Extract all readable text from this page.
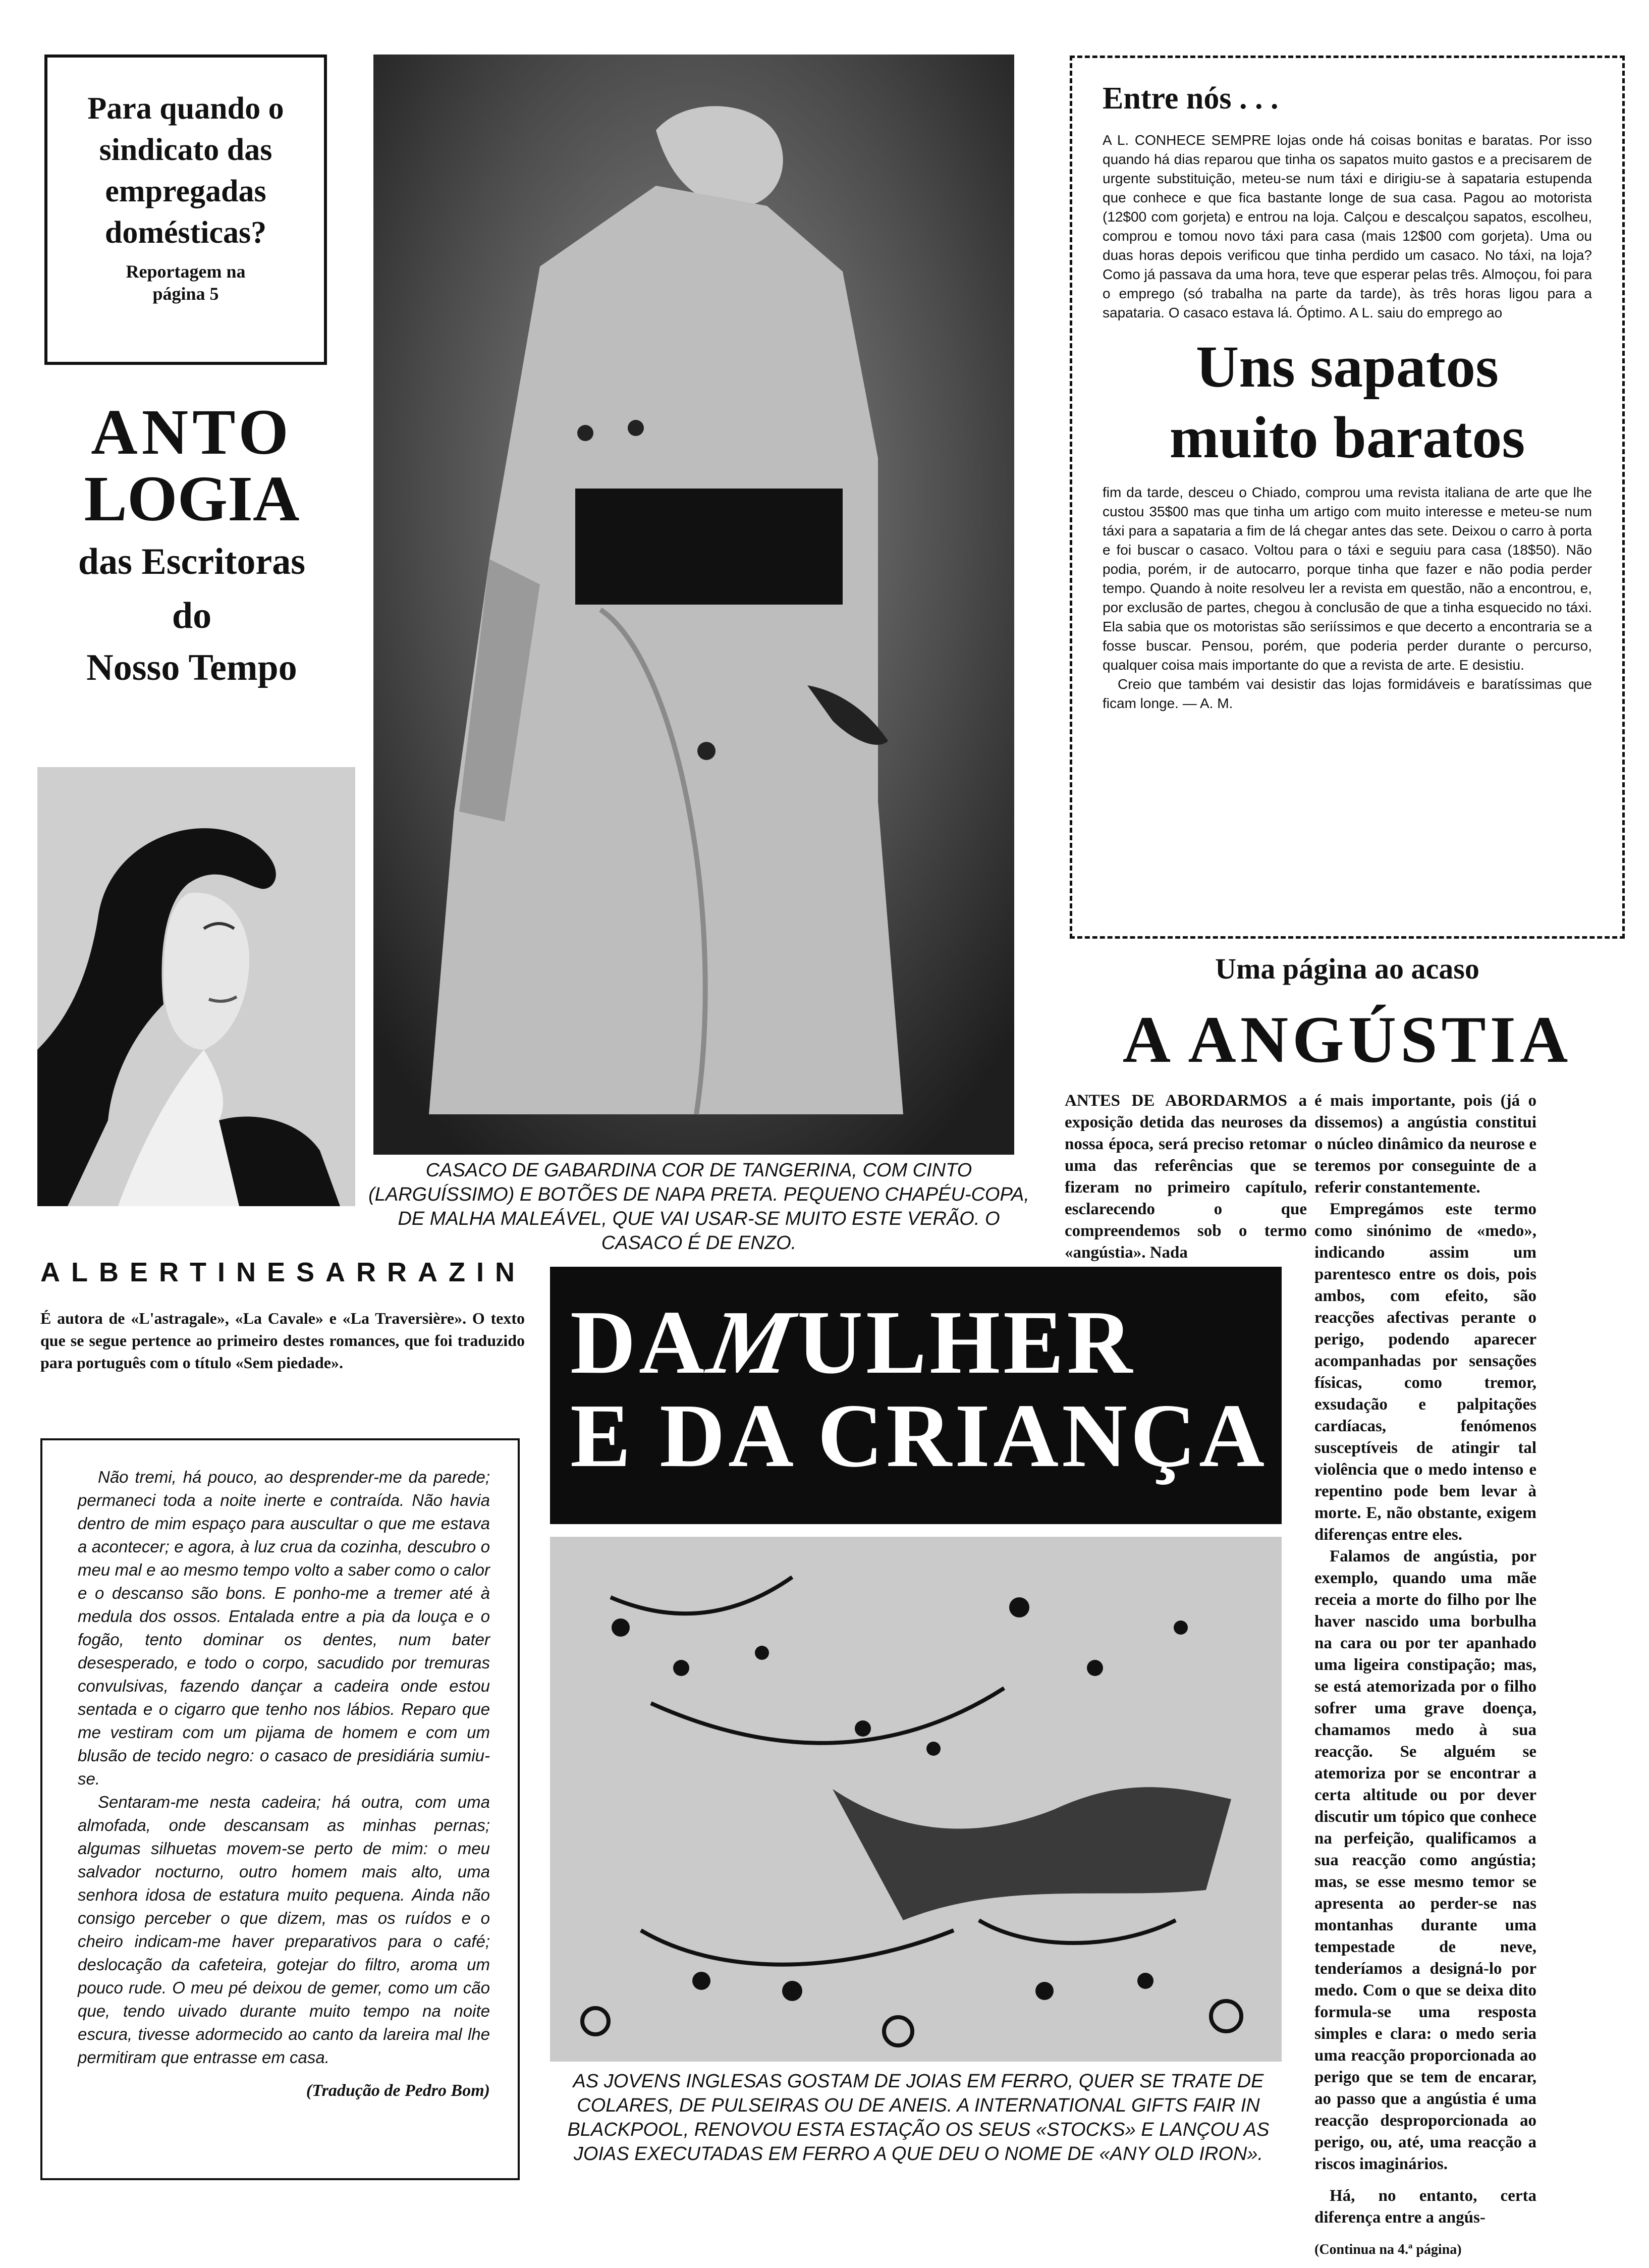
Para quando o sindicato das empregadas domésticas?
Reportagem na página 5
ANTO
LOGIA
das Escritoras
do
Nosso Tempo
ALBERTINE SARRAZIN
É autora de «L'astragale», «La Cavale» e «La Traversière». O texto que se segue pertence ao primeiro destes romances, que foi traduzido para português com o título «Sem piedade».
Não tremi, há pouco, ao desprender-me da parede; permaneci toda a noite inerte e contraída. Não havia dentro de mim espaço para auscultar o que me estava a acontecer; e agora, à luz crua da cozinha, descubro o meu mal e ao mesmo tempo volto a saber como o calor e o descanso são bons. E ponho-me a tremer até à medula dos ossos. Entalada entre a pia da louça e o fogão, tento dominar os dentes, num bater desesperado, e todo o corpo, sacudido por tremuras convulsivas, fazendo dançar a cadeira onde estou sentada e o cigarro que tenho nos lábios. Reparo que me vestiram com um pijama de homem e com um blusão de tecido negro: o casaco de presidiária sumiu-se.
Sentaram-me nesta cadeira; há outra, com uma almofada, onde descansam as minhas pernas; algumas silhuetas movem-se perto de mim: o meu salvador nocturno, outro homem mais alto, uma senhora idosa de estatura muito pequena. Ainda não consigo perceber o que dizem, mas os ruídos e o cheiro indicam-me haver preparativos para o café; deslocação da cafeteira, gotejar do filtro, aroma um pouco rude. O meu pé deixou de gemer, como um cão que, tendo uivado durante muito tempo na noite escura, tivesse adormecido ao canto da lareira mal lhe permitiram que entrasse em casa.
(Tradução de Pedro Bom)
CASACO DE GABARDINA COR DE TANGERINA, COM CINTO (LARGUÍSSIMO) E BOTÕES DE NAPA PRETA. PEQUENO CHAPÉU-COPA, DE MALHA MALEÁVEL, QUE VAI USAR-SE MUITO ESTE VERÃO. O CASACO É DE ENZO.
Entre nós . . .
A L. CONHECE SEMPRE lojas onde há coisas bonitas e baratas. Por isso quando há dias reparou que tinha os sapatos muito gastos e a precisarem de urgente substituição, meteu-se num táxi e dirigiu-se à sapataria estupenda que conhece e que fica bastante longe de sua casa. Pagou ao motorista (12$00 com gorjeta) e entrou na loja. Calçou e descalçou sapatos, escolheu, comprou e tomou novo táxi para casa (mais 12$00 com gorjeta). Uma ou duas horas depois verificou que tinha perdido um casaco. No táxi, na loja? Como já passava da uma hora, teve que esperar pelas três. Almoçou, foi para o emprego (só trabalha na parte da tarde), às três horas ligou para a sapataria. O casaco estava lá. Óptimo. A L. saiu do emprego ao
Uns sapatos
muito baratos
fim da tarde, desceu o Chiado, comprou uma revista italiana de arte que lhe custou 35$00 mas que tinha um artigo com muito interesse e meteu-se num táxi para a sapataria a fim de lá chegar antes das sete. Deixou o carro à porta e foi buscar o casaco. Voltou para o táxi e seguiu para casa (18$50). Não podia, porém, ir de autocarro, porque tinha que fazer e não podia perder tempo. Quando à noite resolveu ler a revista em questão, não a encontrou, e, por exclusão de partes, chegou à conclusão de que a tinha esquecido no táxi. Ela sabia que os motoristas são seriíssimos e que decerto a encontraria se a fosse buscar. Pensou, porém, que poderia perder durante o percurso, qualquer coisa mais importante do que a revista de arte. E desistiu.
Creio que também vai desistir das lojas formidáveis e baratíssimas que ficam longe. — A. M.
Uma página ao acaso
A ANGÚSTIA
ANTES DE ABORDARMOS a exposição detida das neuroses da nossa época, será preciso retomar uma das referências que se fizeram no primeiro capítulo, esclarecendo o que compreendemos sob o termo «angústia». Nada
é mais importante, pois (já o dissemos) a angústia constitui o núcleo dinâmico da neurose e teremos por conseguinte de a referir constantemente.
Empregámos este termo como sinónimo de «medo», indicando assim um parentesco entre os dois, pois ambos, com efeito, são reacções afectivas perante o perigo, podendo aparecer acompanhadas por sensações físicas, como tremor, exsudação e palpitações cardíacas, fenómenos susceptíveis de atingir tal violência que o medo intenso e repentino pode bem levar à morte. E, não obstante, exigem diferenças entre eles.
Falamos de angústia, por exemplo, quando uma mãe receia a morte do filho por lhe haver nascido uma borbulha na cara ou por ter apanhado uma ligeira constipação; mas, se está atemorizada por o filho sofrer uma grave doença, chamamos medo à sua reacção. Se alguém se atemoriza por se encontrar a certa altitude ou por dever discutir um tópico que conhece na perfeição, qualificamos a sua reacção como angústia; mas, se esse mesmo temor se apresenta ao perder-se nas montanhas durante uma tempestade de neve, tenderíamos a designá-lo por medo. Com o que se deixa dito formula-se uma resposta simples e clara: o medo seria uma reacção proporcionada ao perigo que se tem de encarar, ao passo que a angústia é uma reacção desproporcionada ao perigo, ou, até, uma reacção a riscos imaginários.
Há, no entanto, certa diferença entre a angús-
(Continua na 4.ª página)
DAMULHER
E DA CRIANÇA
AS JOVENS INGLESAS GOSTAM DE JOIAS EM FERRO, QUER SE TRATE DE COLARES, DE PULSEIRAS OU DE ANEIS. A INTERNATIONAL GIFTS FAIR IN BLACKPOOL, RENOVOU ESTA ESTAÇÃO OS SEUS «STOCKS» E LANÇOU AS JOIAS EXECUTADAS EM FERRO A QUE DEU O NOME DE «ANY OLD IRON».
